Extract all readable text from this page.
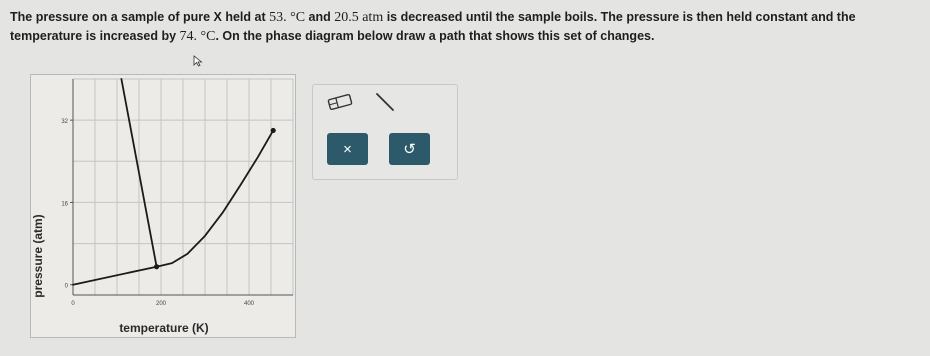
The pressure on a sample of pure X held at 53. °C and 20.5 atm is decreased until the sample boils. The pressure is then held constant and the temperature is increased by 74. °C. On the phase diagram below draw a path that shows this set of changes.
32
16
0
0	200	400
pressure (atm)
temperature (K)
×	↺
